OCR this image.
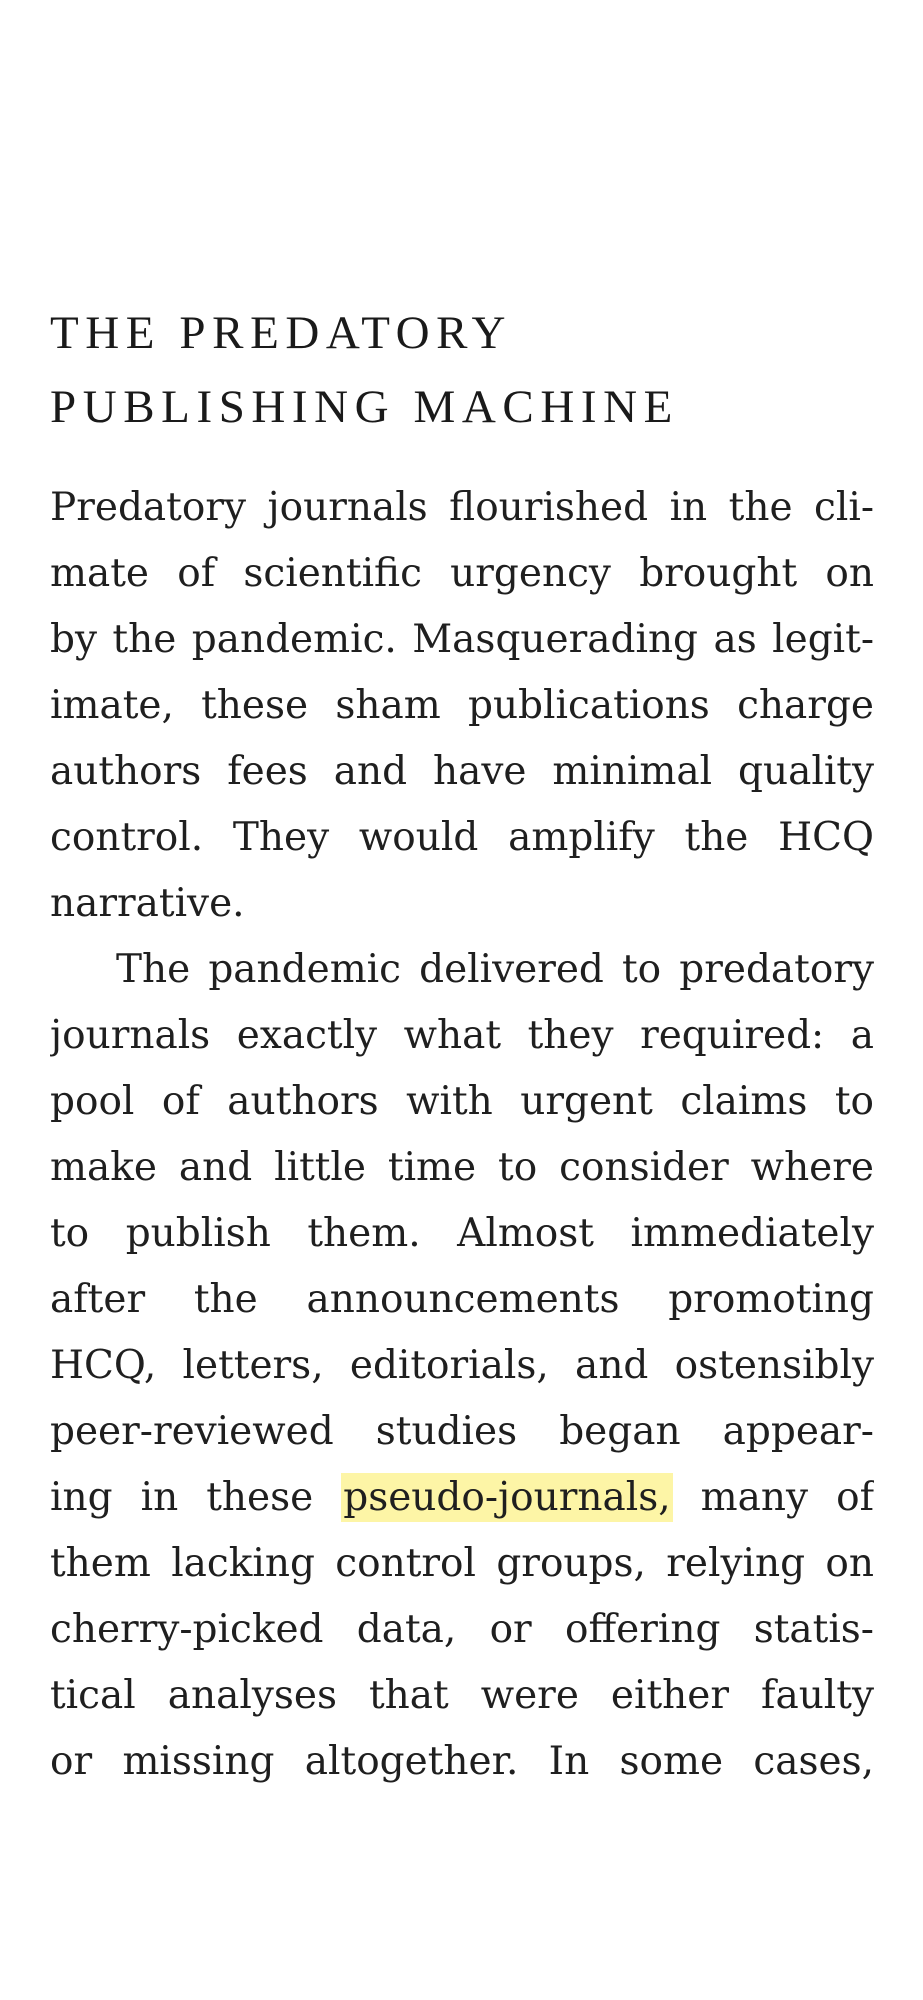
THE PREDATORY
PUBLISHING MACHINE
Predatory journals flourished in the cli-
mate of scientific urgency brought on
by the pandemic. Masquerading as legit-
imate, these sham publications charge
authors fees and have minimal quality
control. They would amplify the HCQ
narrative.
The pandemic delivered to predatory
journals exactly what they required: a
pool of authors with urgent claims to
make and little time to consider where
to publish them. Almost immediately
after the announcements promoting
HCQ, letters, editorials, and ostensibly
peer-reviewed studies began appear-
ing in these pseudo-journals, many of
them lacking control groups, relying on
cherry-picked data, or offering statis-
tical analyses that were either faulty
or missing altogether. In some cases,
